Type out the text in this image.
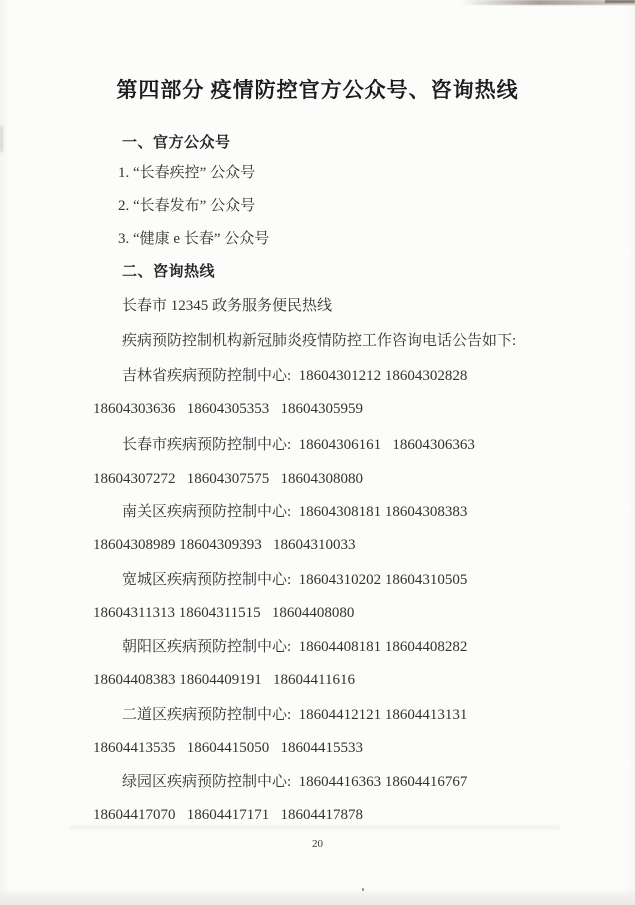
第四部分 疫情防控官方公众号、咨询热线
一、官方公众号
1. “长春疾控” 公众号
2. “长春发布” 公众号
3. “健康 e 长春” 公众号
二、咨询热线
长春市 12345 政务服务便民热线
疾病预防控制机构新冠肺炎疫情防控工作咨询电话公告如下:
吉林省疾病预防控制中心:  18604301212 18604302828
18604303636   18604305353   18604305959
长春市疾病预防控制中心:  18604306161   18604306363
18604307272   18604307575   18604308080
南关区疾病预防控制中心:  18604308181 18604308383
18604308989 18604309393   18604310033
宽城区疾病预防控制中心:  18604310202 18604310505
18604311313 18604311515   18604408080
朝阳区疾病预防控制中心:  18604408181 18604408282
18604408383 18604409191   18604411616
二道区疾病预防控制中心:  18604412121 18604413131
18604413535   18604415050   18604415533
绿园区疾病预防控制中心:  18604416363 18604416767
18604417070   18604417171   18604417878
20
